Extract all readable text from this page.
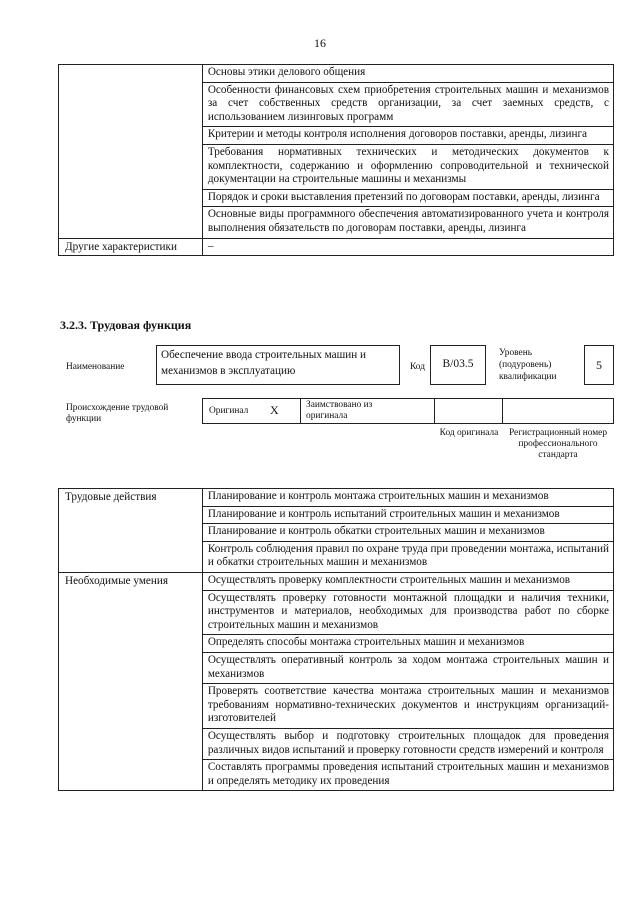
16
	Основы этики делового общения
	Особенности финансовых схем приобретения строительных машин и механизмов за счет собственных средств организации, за счет заемных средств, с использованием лизинговых программ
	Критерии и методы контроля исполнения договоров поставки, аренды, лизинга
	Требования нормативных технических и методических документов к комплектности, содержанию и оформлению сопроводительной и технической документации на строительные машины и механизмы
	Порядок и сроки выставления претензий по договорам поставки, аренды, лизинга
	Основные виды программного обеспечения автоматизированного учета и контроля выполнения обязательств по договорам поставки, аренды, лизинга
Другие характеристики	–
3.2.3. Трудовая функция
Наименование
Обеспечение ввода строительных машин и механизмов в эксплуатацию	Код	B/03.5
Уровень (подуровень) квалификации
5
Происхождение трудовой функции
Оригинал X	Заимствовано из оригинала
Код оригинала	Регистрационный номер профессионального стандарта
Трудовые действия	Планирование и контроль монтажа строительных машин и механизмов
	Планирование и контроль испытаний строительных машин и механизмов
	Планирование и контроль обкатки строительных машин и механизмов
	Контроль соблюдения правил по охране труда при проведении монтажа, испытаний и обкатки строительных машин и механизмов
Необходимые умения	Осуществлять проверку комплектности строительных машин и механизмов
	Осуществлять проверку готовности монтажной площадки и наличия техники, инструментов и материалов, необходимых для производства работ по сборке строительных машин и механизмов
	Определять способы монтажа строительных машин и механизмов
	Осуществлять оперативный контроль за ходом монтажа строительных машин и механизмов
	Проверять соответствие качества монтажа строительных машин и механизмов требованиям нормативно-технических документов и инструкциям организаций-изготовителей
	Осуществлять выбор и подготовку строительных площадок для проведения различных видов испытаний и проверку готовности средств измерений и контроля
	Составлять программы проведения испытаний строительных машин и механизмов и определять методику их проведения
